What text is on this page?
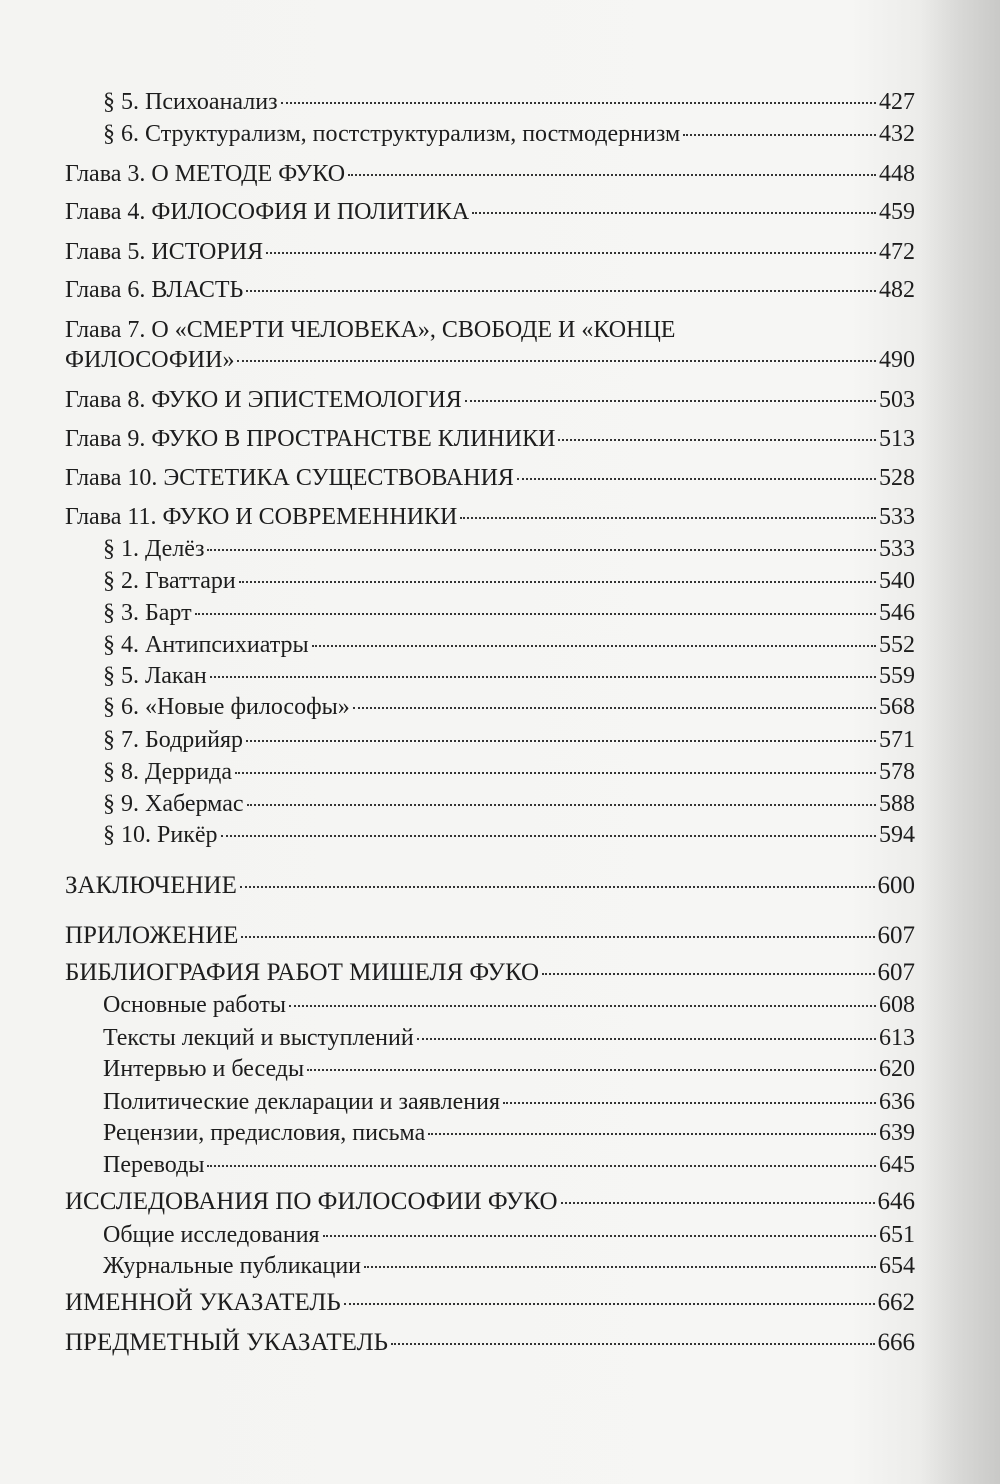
§ 5. Психоанализ	427
§ 6. Структурализм, постструктурализм, постмодернизм	432
Глава 3. О МЕТОДЕ ФУКО	448
Глава 4. ФИЛОСОФИЯ И ПОЛИТИКА	459
Глава 5. ИСТОРИЯ	472
Глава 6. ВЛАСТЬ	482
Глава 7. О «СМЕРТИ ЧЕЛОВЕКА», СВОБОДЕ И «КОНЦЕ
ФИЛОСОФИИ»	490
Глава 8. ФУКО И ЭПИСТЕМОЛОГИЯ	503
Глава 9. ФУКО В ПРОСТРАНСТВЕ КЛИНИКИ	513
Глава 10. ЭСТЕТИКА СУЩЕСТВОВАНИЯ	528
Глава 11. ФУКО И СОВРЕМЕННИКИ	533
§ 1. Делёз	533
§ 2. Гваттари	540
§ 3. Барт	546
§ 4. Антипсихиатры	552
§ 5. Лакан	559
§ 6. «Новые философы»	568
§ 7. Бодрийяр	571
§ 8. Деррида	578
§ 9. Хабермас	588
§ 10. Рикёр	594
ЗАКЛЮЧЕНИЕ	600
ПРИЛОЖЕНИЕ	607
БИБЛИОГРАФИЯ РАБОТ МИШЕЛЯ ФУКО	607
Основные работы	608
Тексты лекций и выступлений	613
Интервью и беседы	620
Политические декларации и заявления	636
Рецензии, предисловия, письма	639
Переводы	645
ИССЛЕДОВАНИЯ ПО ФИЛОСОФИИ ФУКО	646
Общие исследования	651
Журнальные публикации	654
ИМЕННОЙ УКАЗАТЕЛЬ	662
ПРЕДМЕТНЫЙ УКАЗАТЕЛЬ	666
